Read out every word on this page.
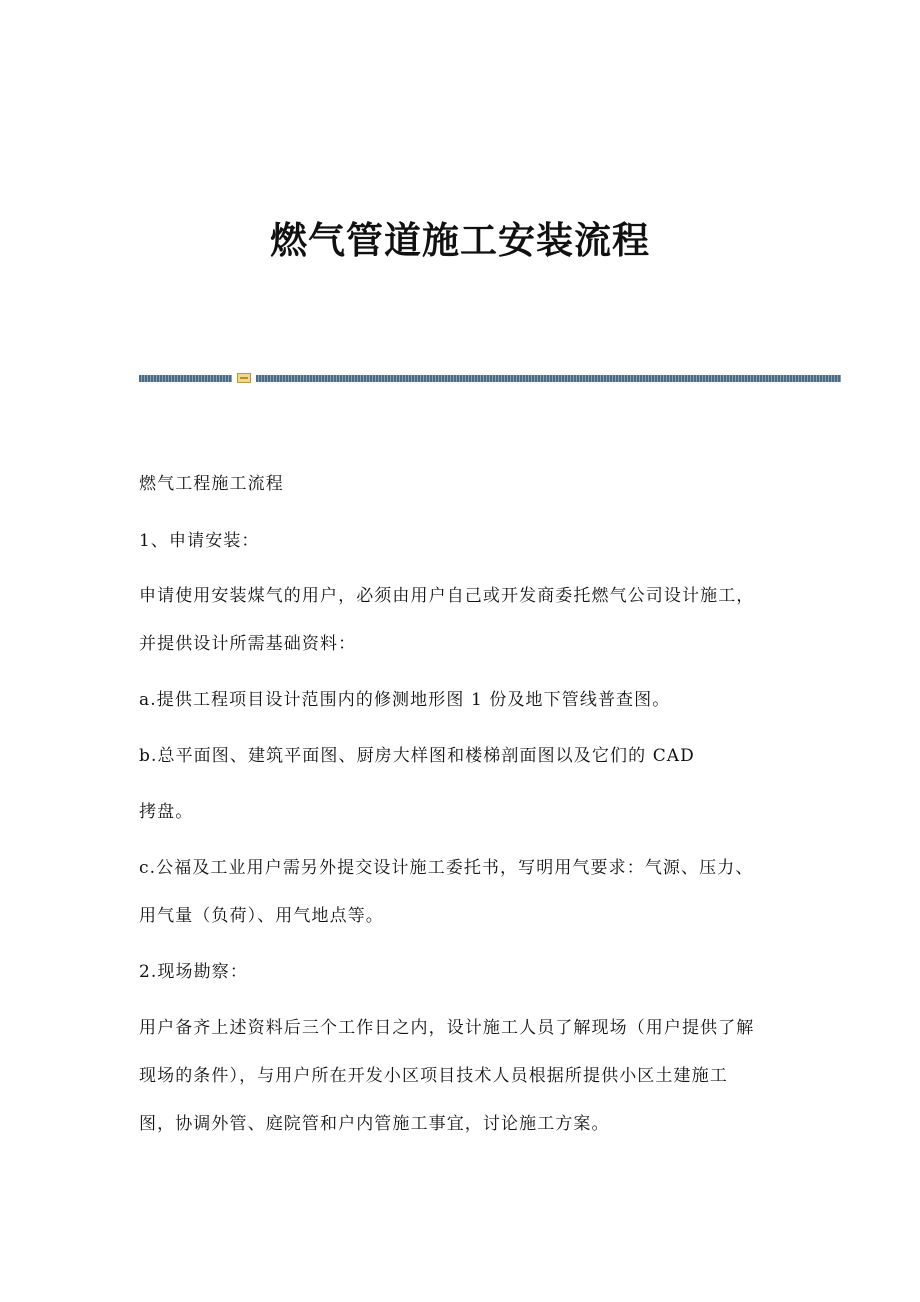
燃气管道施工安装流程
燃气工程施工流程
1、申请安装：
申请使用安装煤气的用户，必须由用户自己或开发商委托燃气公司设计施工，
并提供设计所需基础资料：
a.提供工程项目设计范围内的修测地形图 1 份及地下管线普查图。
b.总平面图、建筑平面图、厨房大样图和楼梯剖面图以及它们的 CAD
拷盘。
c.公福及工业用户需另外提交设计施工委托书，写明用气要求：气源、压力、
用气量（负荷）、用气地点等。
2.现场勘察：
用户备齐上述资料后三个工作日之内，设计施工人员了解现场（用户提供了解
现场的条件），与用户所在开发小区项目技术人员根据所提供小区土建施工
图，协调外管、庭院管和户内管施工事宜，讨论施工方案。
